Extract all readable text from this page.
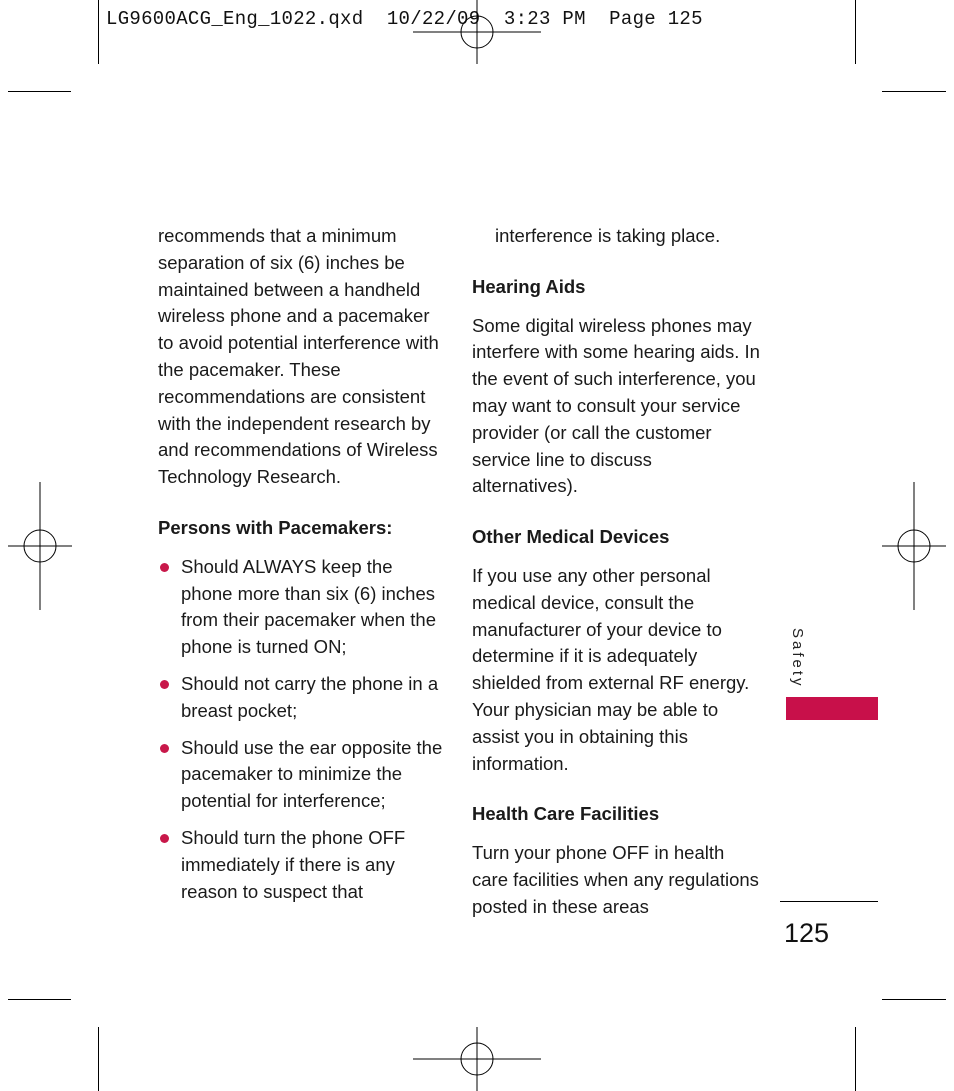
LG9600ACG_Eng_1022.qxd  10/22/09  3:23 PM  Page 125

recommends that a minimum separation of six (6) inches be maintained between a handheld wireless phone and a pacemaker to avoid potential interference with the pacemaker. These recommendations are consistent with the independent research by and recommendations of Wireless Technology Research.

Persons with Pacemakers:

Should ALWAYS keep the phone more than six (6) inches from their pacemaker when the phone is turned ON;
Should not carry the phone in a breast pocket;
Should use the ear opposite the pacemaker to minimize the potential for interference;
Should turn the phone OFF immediately if there is any reason to suspect that

interference is taking place.

Hearing Aids

Some digital wireless phones may interfere with some hearing aids. In the event of such interference, you may want to consult your service provider (or call the customer service line to discuss alternatives).

Other Medical Devices

If you use any other personal medical device, consult the manufacturer of your device to determine if it is adequately shielded from external RF energy. Your physician may be able to assist you in obtaining this information.

Health Care Facilities

Turn your phone OFF in health care facilities when any regulations posted in these areas

Safety
125
